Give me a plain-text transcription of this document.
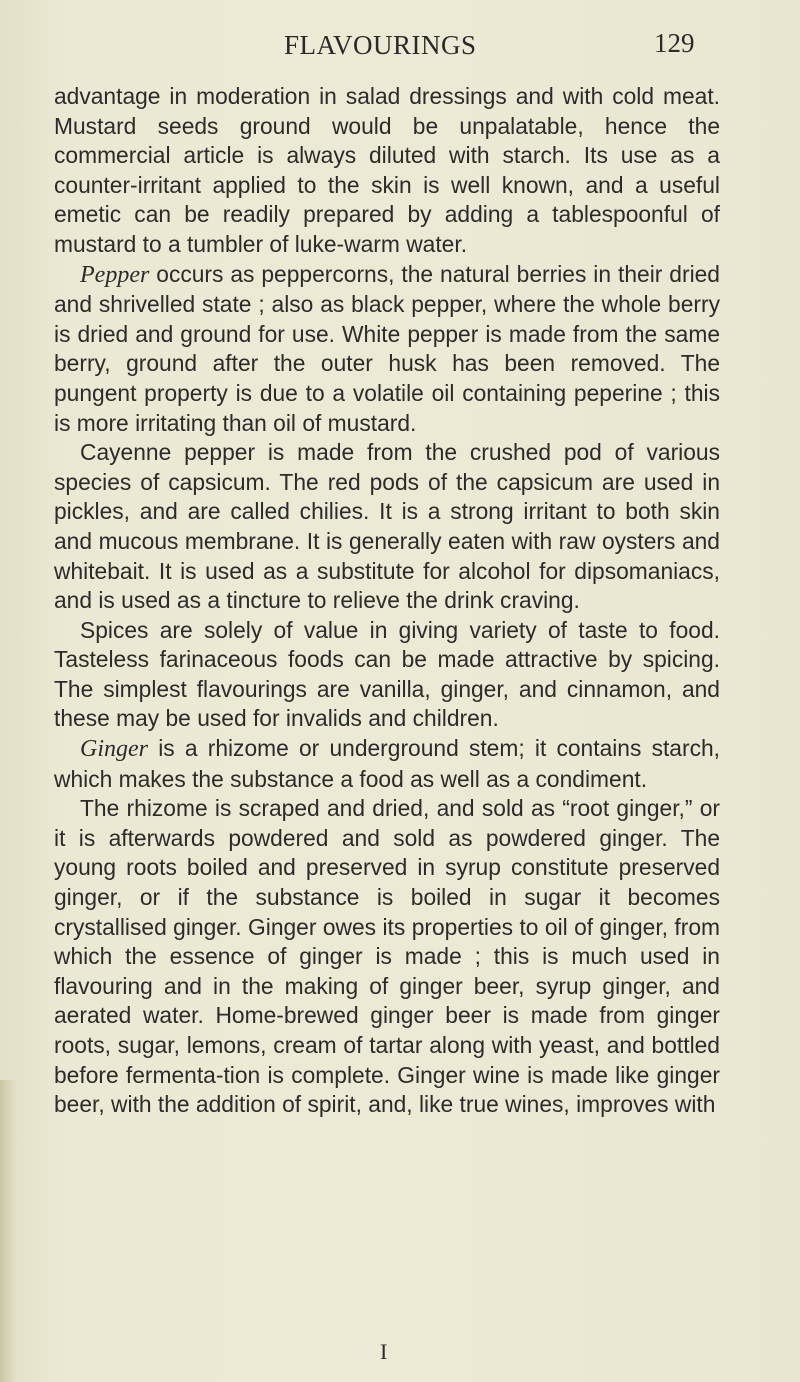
FLAVOURINGS	129

advantage in moderation in salad dressings and with cold meat. Mustard seeds ground would be unpalatable, hence the commercial article is always diluted with starch. Its use as a counter-irritant applied to the skin is well known, and a useful emetic can be readily prepared by adding a tablespoonful of mustard to a tumbler of luke-warm water.

Pepper occurs as peppercorns, the natural berries in their dried and shrivelled state ; also as black pepper, where the whole berry is dried and ground for use. White pepper is made from the same berry, ground after the outer husk has been removed. The pungent property is due to a volatile oil containing peperine ; this is more irritating than oil of mustard.

Cayenne pepper is made from the crushed pod of various species of capsicum. The red pods of the capsicum are used in pickles, and are called chilies. It is a strong irritant to both skin and mucous membrane. It is generally eaten with raw oysters and whitebait. It is used as a substitute for alcohol for dipsomaniacs, and is used as a tincture to relieve the drink craving.

Spices are solely of value in giving variety of taste to food. Tasteless farinaceous foods can be made attractive by spicing. The simplest flavourings are vanilla, ginger, and cinnamon, and these may be used for invalids and children.

Ginger is a rhizome or underground stem; it contains starch, which makes the substance a food as well as a condiment.

The rhizome is scraped and dried, and sold as “root ginger,” or it is afterwards powdered and sold as powdered ginger. The young roots boiled and preserved in syrup constitute preserved ginger, or if the substance is boiled in sugar it becomes crystallised ginger. Ginger owes its properties to oil of ginger, from which the essence of ginger is made ; this is much used in flavouring and in the making of ginger beer, syrup ginger, and aerated water. Home-brewed ginger beer is made from ginger roots, sugar, lemons, cream of tartar along with yeast, and bottled before fermenta-tion is complete. Ginger wine is made like ginger beer, with the addition of spirit, and, like true wines, improves with

I
